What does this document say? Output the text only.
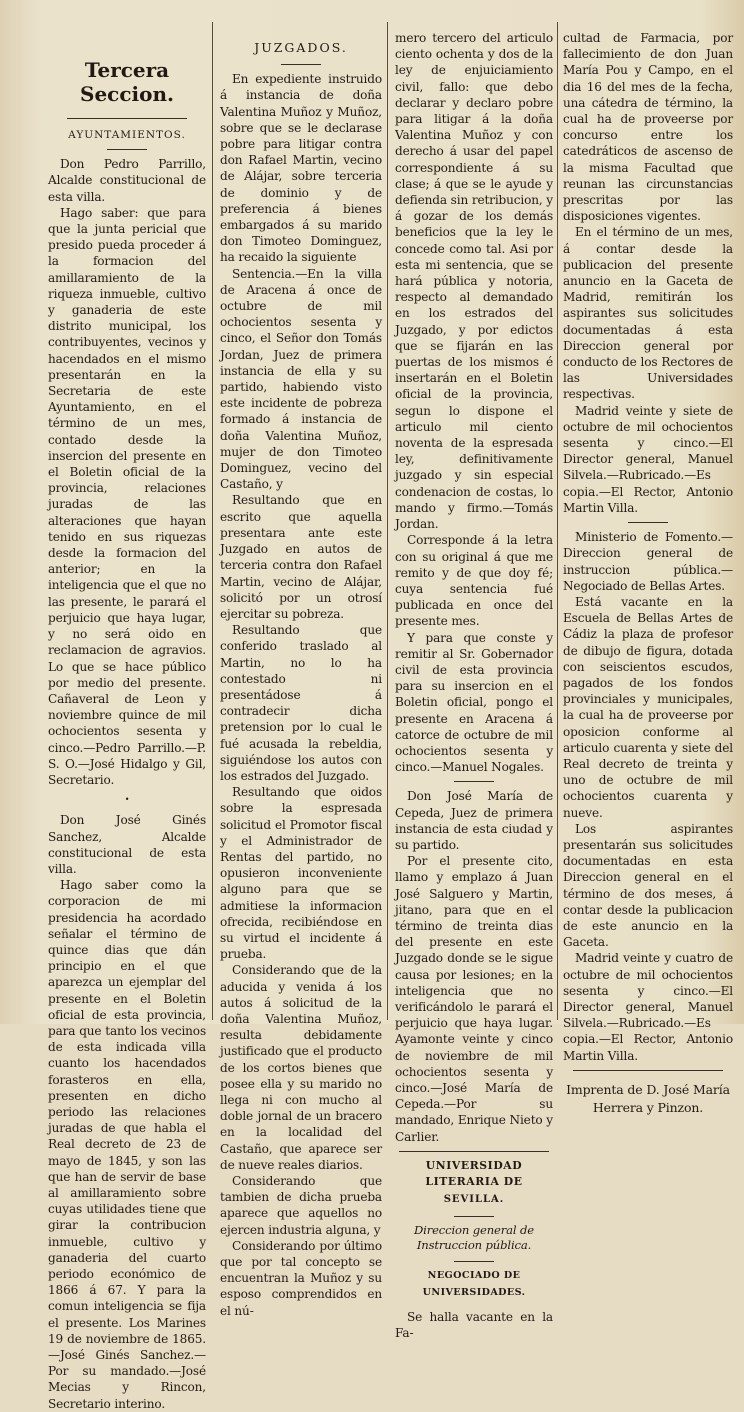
Tercera Seccion.
AYUNTAMIENTOS.

Don Pedro Parrillo, Alcalde constitucional de esta villa.

Hago saber: que para que la junta pericial que presido pueda proceder á la formacion del amillaramiento de la riqueza inmueble, cultivo y ganaderia de este distrito municipal, los contribuyentes, vecinos y hacendados en el mismo presentarán en la Secretaria de este Ayuntamiento, en el término de un mes, contado desde la insercion del presente en el Boletin oficial de la provincia, relaciones juradas de las alteraciones que hayan tenido en sus riquezas desde la formacion del anterior; en la inteligencia que el que no las presente, le parará el perjuicio que haya lugar, y no será oido en reclamacion de agravios. Lo que se hace público por medio del presente. Cañaveral de Leon y noviembre quince de mil ochocientos sesenta y cinco.—Pedro Parrillo.—P. S. O.—José Hidalgo y Gil, Secretario.

•

Don José Ginés Sanchez, Alcalde constitucional de esta villa.

Hago saber como la corporacion de mi presidencia ha acordado señalar el término de quince dias que dán principio en el que aparezca un ejemplar del presente en el Boletin oficial de esta provincia, para que tanto los vecinos de esta indicada villa cuanto los hacendados forasteros en ella, presenten en dicho periodo las relaciones juradas de que habla el Real decreto de 23 de mayo de 1845, y son las que han de servir de base al amillaramiento sobre cuyas utilidades tiene que girar la contribucion inmueble, cultivo y ganaderia del cuarto periodo económico de 1866 á 67. Y para la comun inteligencia se fija el presente. Los Marines 19 de noviembre de 1865.—José Ginés Sanchez.—Por su mandado.—José Mecias y Rincon, Secretario interino.

JUZGADOS.

En expediente instruido á instancia de doña Valentina Muñoz y Muñoz, sobre que se le declarase pobre para litigar contra don Rafael Martin, vecino de Alájar, sobre terceria de dominio y de preferencia á bienes embargados á su marido don Timoteo Dominguez, ha recaido la siguiente

Sentencia.—En la villa de Aracena á once de octubre de mil ochocientos sesenta y cinco, el Señor don Tomás Jordan, Juez de primera instancia de ella y su partido, habiendo visto este incidente de pobreza formado á instancia de doña Valentina Muñoz, mujer de don Timoteo Dominguez, vecino del Castaño, y

Resultando que en escrito que aquella presentara ante este Juzgado en autos de terceria contra don Rafael Martin, vecino de Alájar, solicitó por un otrosí ejercitar su pobreza.

Resultando que conferido traslado al Martin, no lo ha contestado ni presentádose á contradecir dicha pretension por lo cual le fué acusada la rebeldia, siguiéndose los autos con los estrados del Juzgado.

Resultando que oidos sobre la espresada solicitud el Promotor fiscal y el Administrador de Rentas del partido, no opusieron inconveniente alguno para que se admitiese la informacion ofrecida, recibiéndose en su virtud el incidente á prueba.

Considerando que de la aducida y venida á los autos á solicitud de la doña Valentina Muñoz, resulta debidamente justificado que el producto de los cortos bienes que posee ella y su marido no llega ni con mucho al doble jornal de un bracero en la localidad del Castaño, que aparece ser de nueve reales diarios.

Considerando que tambien de dicha prueba aparece que aquellos no ejercen industria alguna, y

Considerando por último que por tal concepto se encuentran la Muñoz y su esposo comprendidos en el nú-

mero tercero del articulo ciento ochenta y dos de la ley de enjuiciamiento civil, fallo: que debo declarar y declaro pobre para litigar á la doña Valentina Muñoz y con derecho á usar del papel correspondiente á su clase; á que se le ayude y defienda sin retribucion, y á gozar de los demás beneficios que la ley le concede como tal. Asi por esta mi sentencia, que se hará pública y notoria, respecto al demandado en los estrados del Juzgado, y por edictos que se fijarán en las puertas de los mismos é insertarán en el Boletin oficial de la provincia, segun lo dispone el articulo mil ciento noventa de la espresada ley, definitivamente juzgado y sin especial condenacion de costas, lo mando y firmo.—Tomás Jordan.

Corresponde á la letra con su original á que me remito y de que doy fé; cuya sentencia fué publicada en once del presente mes.

Y para que conste y remitir al Sr. Gobernador civil de esta provincia para su insercion en el Boletin oficial, pongo el presente en Aracena á catorce de octubre de mil ochocientos sesenta y cinco.—Manuel Nogales.

Don José María de Cepeda, Juez de primera instancia de esta ciudad y su partido.

Por el presente cito, llamo y emplazo á Juan José Salguero y Martin, jitano, para que en el término de treinta dias del presente en este Juzgado donde se le sigue causa por lesiones; en la inteligencia que no verificándolo le parará el perjuicio que haya lugar. Ayamonte veinte y cinco de noviembre de mil ochocientos sesenta y cinco.—José María de Cepeda.—Por su mandado, Enrique Nieto y Carlier.

UNIVERSIDAD LITERARIA DE
SEVILLA.
Direccion general de Instruccion pública.
NEGOCIADO DE UNIVERSIDADES.

Se halla vacante en la Fa-

cultad de Farmacia, por fallecimiento de don Juan María Pou y Campo, en el dia 16 del mes de la fecha, una cátedra de término, la cual ha de proveerse por concurso entre los catedráticos de ascenso de la misma Facultad que reunan las circunstancias prescritas por las disposiciones vigentes.

En el término de un mes, á contar desde la publicacion del presente anuncio en la Gaceta de Madrid, remitirán los aspirantes sus solicitudes documentadas á esta Direccion general por conducto de los Rectores de las Universidades respectivas.

Madrid veinte y siete de octubre de mil ochocientos sesenta y cinco.—El Director general, Manuel Silvela.—Rubricado.—Es copia.—El Rector, Antonio Martin Villa.

Ministerio de Fomento.—Direccion general de instruccion pública.—Negociado de Bellas Artes.

Está vacante en la Escuela de Bellas Artes de Cádiz la plaza de profesor de dibujo de figura, dotada con seiscientos escudos, pagados de los fondos provinciales y municipales, la cual ha de proveerse por oposicion conforme al articulo cuarenta y siete del Real decreto de treinta y uno de octubre de mil ochocientos cuarenta y nueve.

Los aspirantes presentarán sus solicitudes documentadas en esta Direccion general en el término de dos meses, á contar desde la publicacion de este anuncio en la Gaceta.

Madrid veinte y cuatro de octubre de mil ochocientos sesenta y cinco.—El Director general, Manuel Silvela.—Rubricado.—Es copia.—El Rector, Antonio Martin Villa.

Imprenta de D. José María Herrera y Pinzon.
